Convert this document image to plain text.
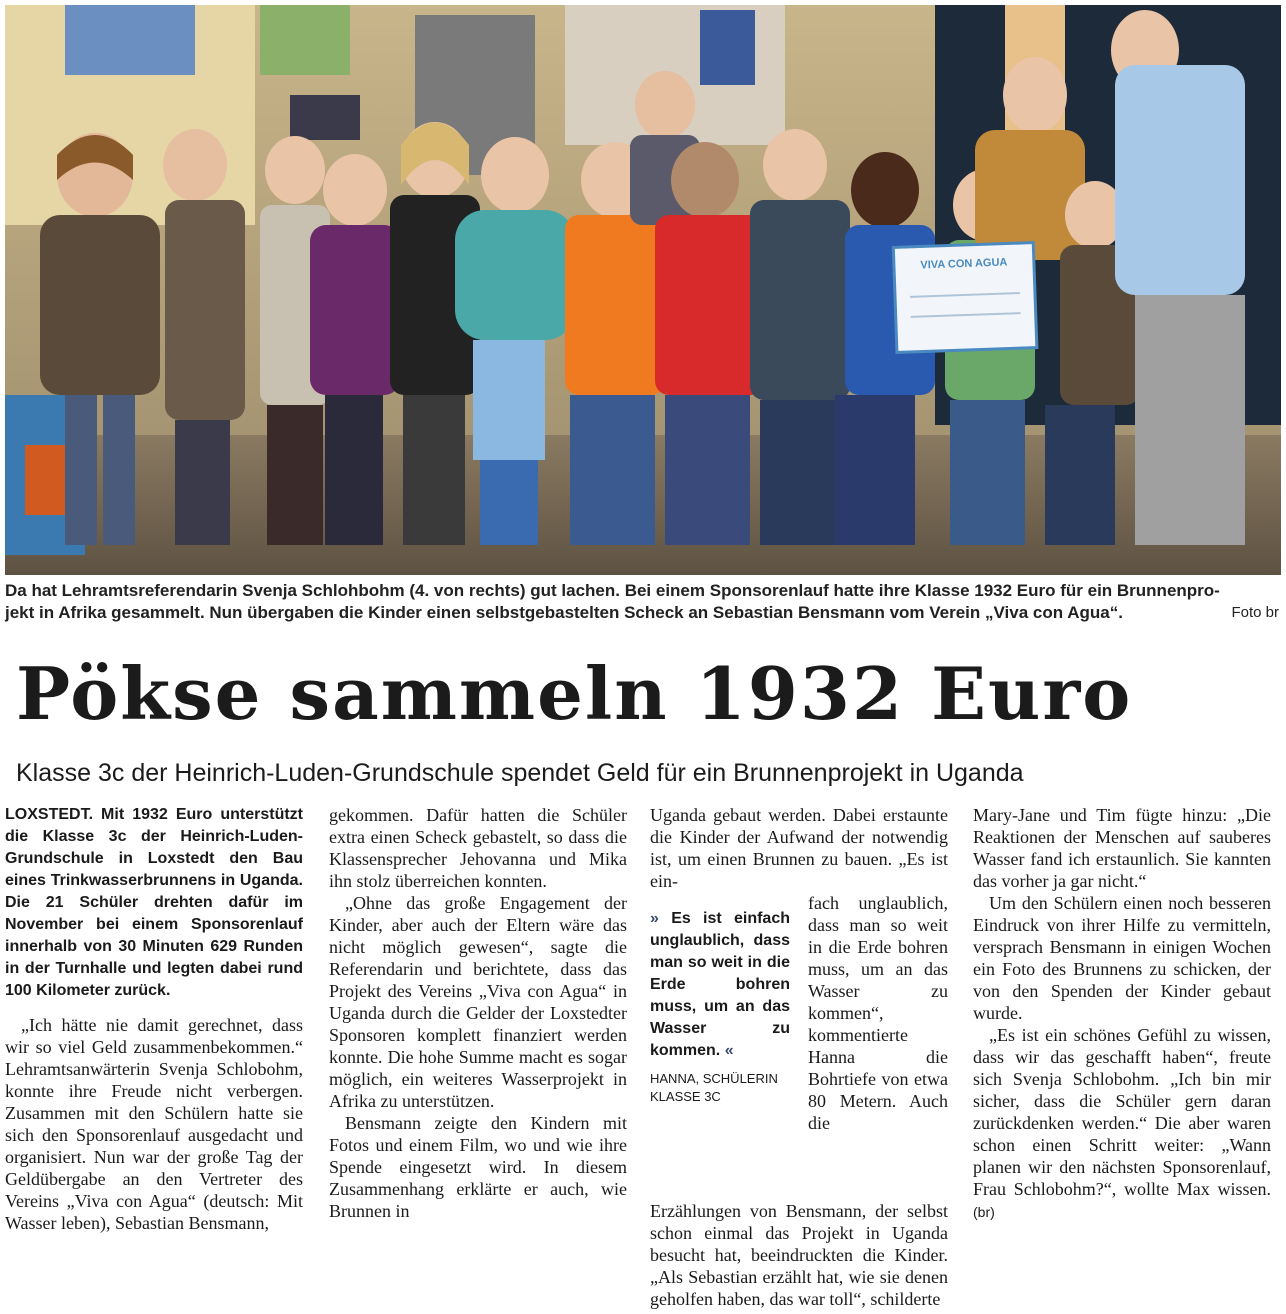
VIVA CON AGUA
Da hat Lehramtsreferendarin Svenja Schlohbohm (4. von rechts) gut lachen. Bei einem Sponsorenlauf hatte ihre Klasse 1932 Euro für ein Brunnenpro-
jekt in Afrika gesammelt. Nun übergaben die Kinder einen selbstgebastelten Scheck an Sebastian Bensmann vom Verein „Viva con Agua“.	Foto br
Pökse sammeln 1932 Euro
Klasse 3c der Heinrich-Luden-Grundschule spendet Geld für ein Brunnenprojekt in Uganda

LOXSTEDT. Mit 1932 Euro unterstützt die Klasse 3c der Heinrich-Luden-Grundschule in Loxstedt den Bau eines Trinkwasserbrunnens in Uganda. Die 21 Schüler drehten dafür im November bei einem Sponsorenlauf innerhalb von 30 Minuten 629 Runden in der Turnhalle und legten dabei rund 100 Kilometer zurück.

„Ich hätte nie damit gerechnet, dass wir so viel Geld zusammenbekommen.“ Lehramtsanwärterin Svenja Schlobohm, konnte ihre Freude nicht verbergen. Zusammen mit den Schülern hatte sie sich den Sponsorenlauf ausgedacht und organisiert. Nun war der große Tag der Geldübergabe an den Vertreter des Vereins „Viva con Agua“ (deutsch: Mit Wasser leben), Sebastian Bensmann,

gekommen. Dafür hatten die Schüler extra einen Scheck gebastelt, so dass die Klassensprecher Jehovanna und Mika ihn stolz überreichen konnten.

„Ohne das große Engagement der Kinder, aber auch der Eltern wäre das nicht möglich gewesen“, sagte die Referendarin und berichtete, dass das Projekt des Vereins „Viva con Agua“ in Uganda durch die Gelder der Loxstedter Sponsoren komplett finanziert werden konnte. Die hohe Summe macht es sogar möglich, ein weiteres Wasserprojekt in Afrika zu unterstützen.

Bensmann zeigte den Kindern mit Fotos und einem Film, wo und wie ihre Spende eingesetzt wird. In diesem Zusammenhang erklärte er auch, wie Brunnen in

Uganda gebaut werden. Dabei erstaunte die Kinder der Aufwand der notwendig ist, um einen Brunnen zu bauen. „Es ist ein-

» Es ist einfach unglaublich, dass man so weit in die Erde bohren muss, um an das Wasser zu kommen. «

HANNA, SCHÜLERIN KLASSE 3C

fach unglaublich, dass man so weit in die Erde bohren muss, um an das Wasser zu kommen“, kommentierte Hanna die Bohrtiefe von etwa 80 Metern. Auch die

Erzählungen von Bensmann, der selbst schon einmal das Projekt in Uganda besucht hat, beeindruckten die Kinder. „Als Sebastian erzählt hat, wie sie denen geholfen haben, das war toll“, schilderte

Mary-Jane und Tim fügte hinzu: „Die Reaktionen der Menschen auf sauberes Wasser fand ich erstaunlich. Sie kannten das vorher ja gar nicht.“

Um den Schülern einen noch besseren Eindruck von ihrer Hilfe zu vermitteln, versprach Bensmann in einigen Wochen ein Foto des Brunnens zu schicken, der von den Spenden der Kinder gebaut wurde.

„Es ist ein schönes Gefühl zu wissen, dass wir das geschafft haben“, freute sich Svenja Schlobohm. „Ich bin mir sicher, dass die Schüler gern daran zurückdenken werden.“ Die aber waren schon einen Schritt weiter: „Wann planen wir den nächsten Sponsorenlauf, Frau Schlobohm?“, wollte Max wissen. (br)
